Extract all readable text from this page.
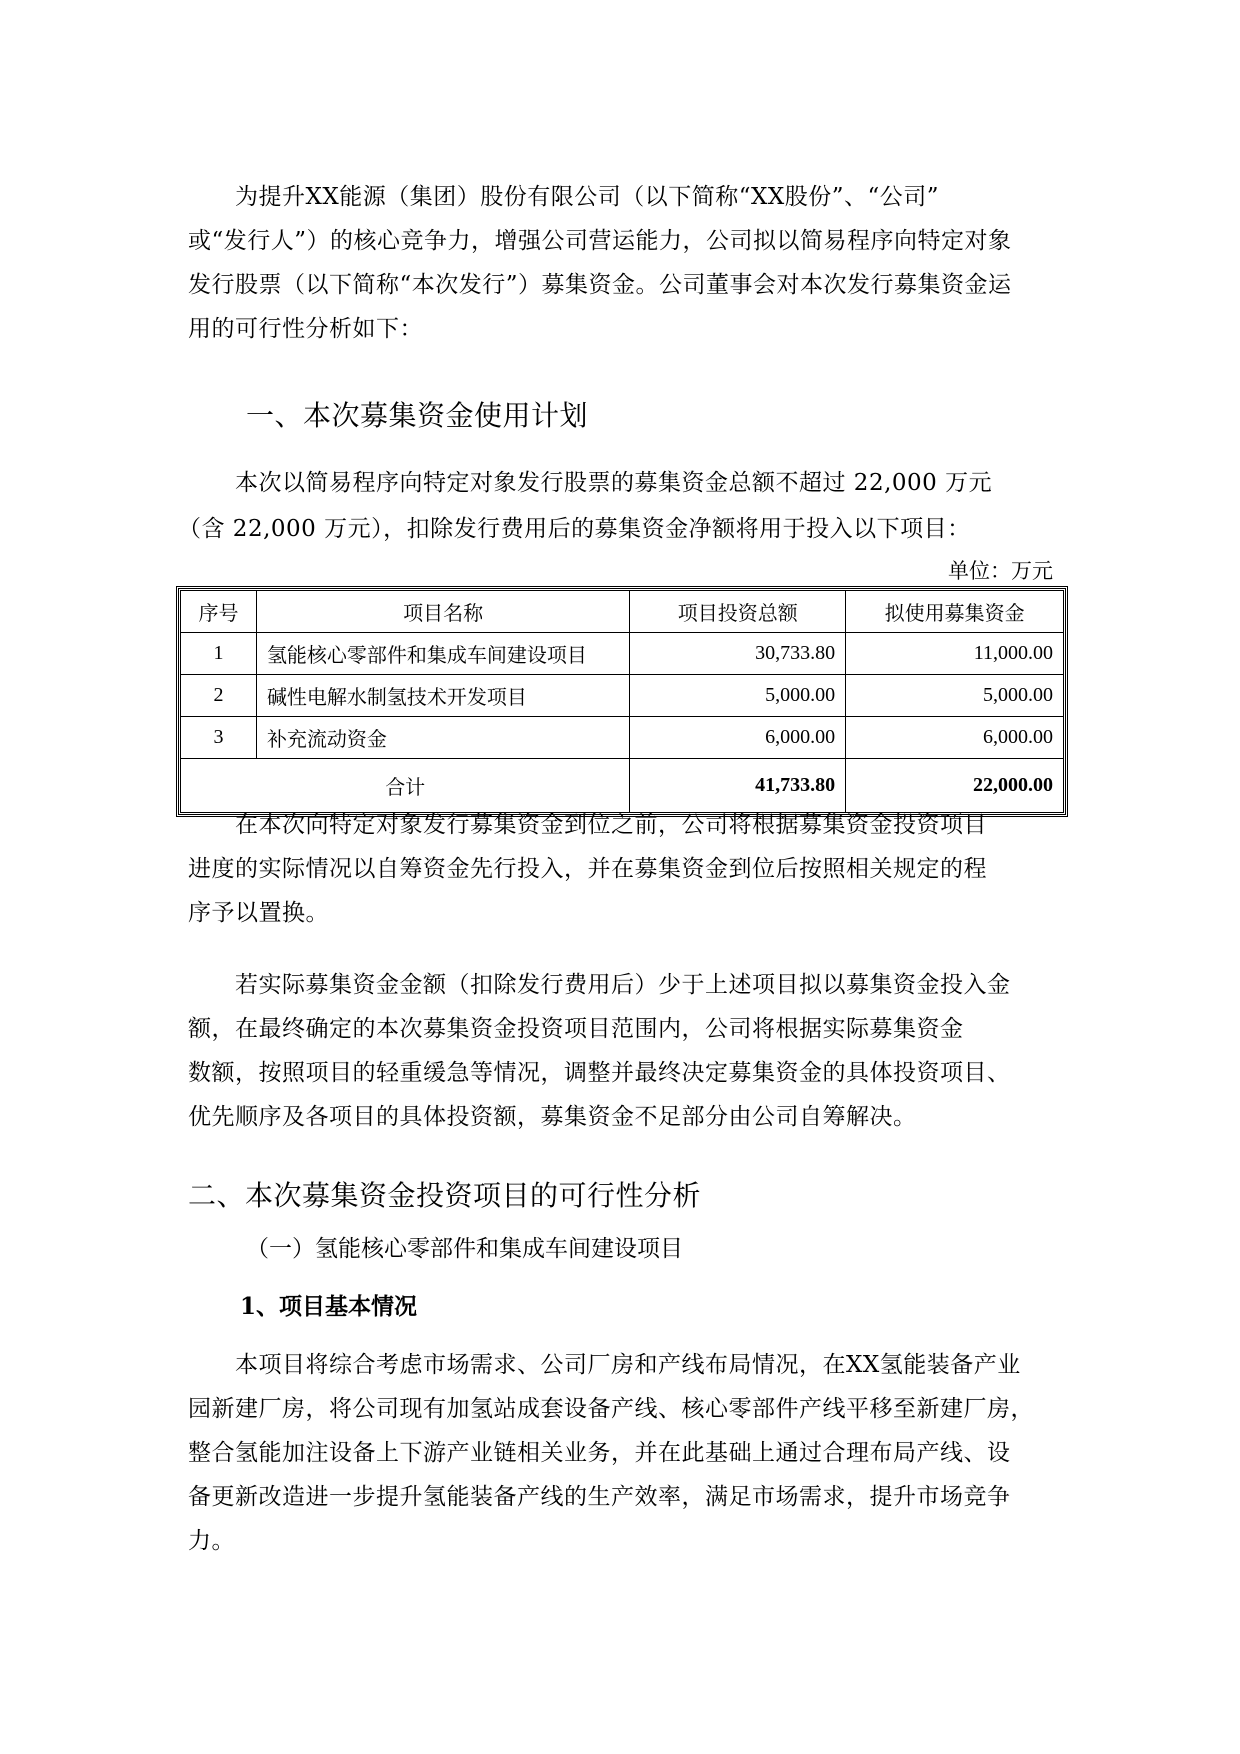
为提升XX能源（集团）股份有限公司（以下简称“XX股份”、“公司”
或“发行人”）的核心竞争力，增强公司营运能力，公司拟以简易程序向特定对象
发行股票（以下简称“本次发行”）募集资金。公司董事会对本次发行募集资金运
用的可行性分析如下：
一、本次募集资金使用计划
本次以简易程序向特定对象发行股票的募集资金总额不超过 22,000 万元
（含 22,000 万元），扣除发行费用后的募集资金净额将用于投入以下项目：
单位：万元
序号	项目名称	项目投资总额	拟使用募集资金
1	氢能核心零部件和集成车间建设项目	30,733.80	11,000.00
2	碱性电解水制氢技术开发项目	5,000.00	5,000.00
3	补充流动资金	6,000.00	6,000.00
合计		41,733.80	22,000.00
在本次向特定对象发行募集资金到位之前，公司将根据募集资金投资项目
进度的实际情况以自筹资金先行投入，并在募集资金到位后按照相关规定的程
序予以置换。
若实际募集资金金额（扣除发行费用后）少于上述项目拟以募集资金投入金
额，在最终确定的本次募集资金投资项目范围内，公司将根据实际募集资金
数额，按照项目的轻重缓急等情况，调整并最终决定募集资金的具体投资项目、
优先顺序及各项目的具体投资额，募集资金不足部分由公司自筹解决。
二、本次募集资金投资项目的可行性分析
（一）氢能核心零部件和集成车间建设项目
1、项目基本情况
本项目将综合考虑市场需求、公司厂房和产线布局情况，在XX氢能装备产业
园新建厂房，将公司现有加氢站成套设备产线、核心零部件产线平移至新建厂房，
整合氢能加注设备上下游产业链相关业务，并在此基础上通过合理布局产线、设
备更新改造进一步提升氢能装备产线的生产效率，满足市场需求，提升市场竞争
力。
